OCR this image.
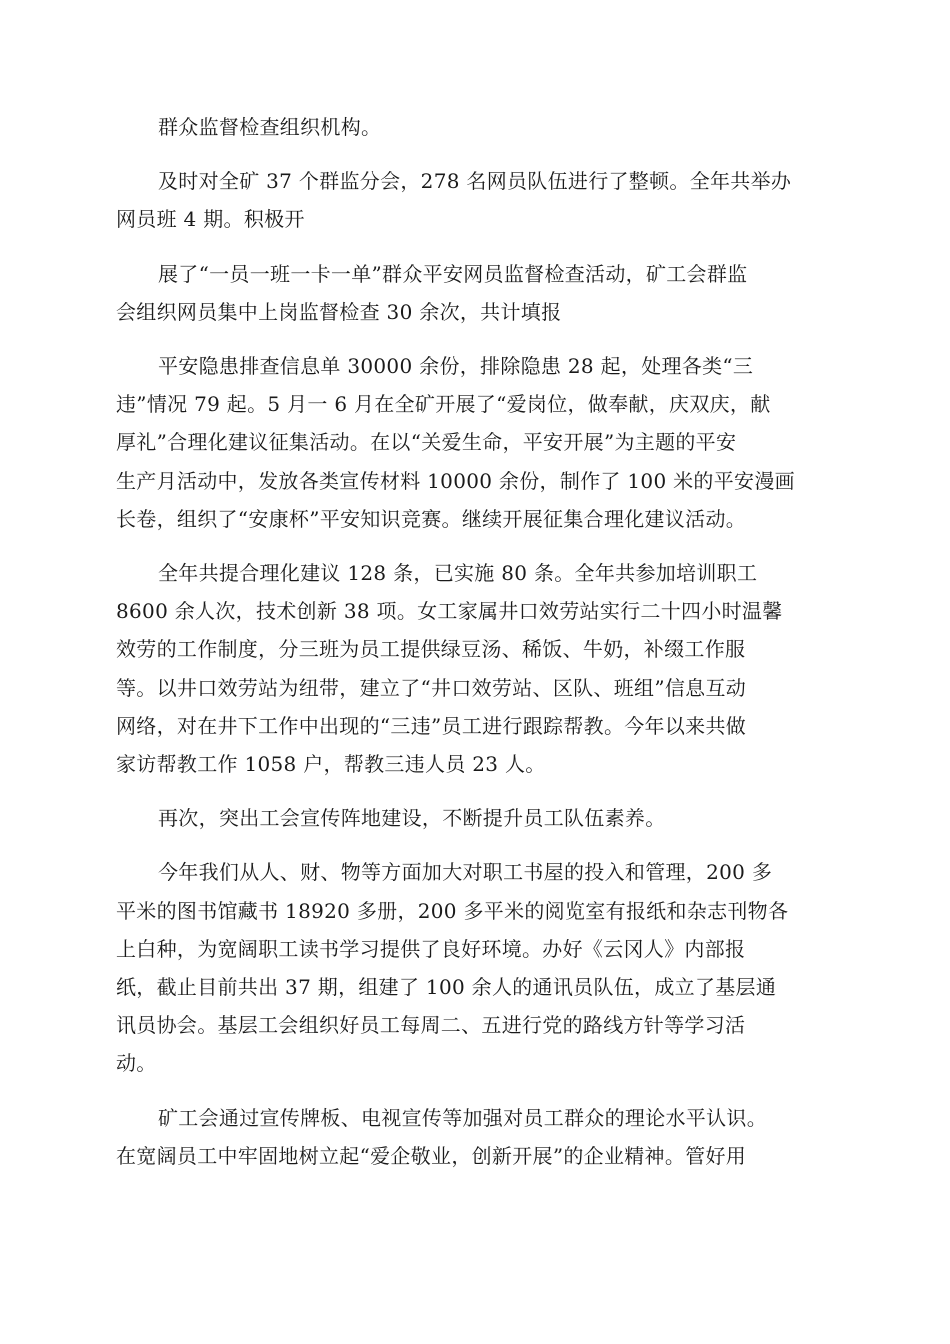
群众监督检查组织机构。

及时对全矿 37 个群监分会，278 名网员队伍进行了整顿。全年共举办
网员班 4 期。积极开

展了“一员一班一卡一单”群众平安网员监督检查活动，矿工会群监
会组织网员集中上岗监督检查 30 余次，共计填报

平安隐患排查信息单 30000 余份，排除隐患 28 起，处理各类“三
违”情况 79 起。5 月一 6 月在全矿开展了“爱岗位，做奉献，庆双庆，献
厚礼”合理化建议征集活动。在以“关爱生命，平安开展”为主题的平安
生产月活动中，发放各类宣传材料 10000 余份，制作了 100 米的平安漫画
长卷，组织了“安康杯”平安知识竞赛。继续开展征集合理化建议活动。

全年共提合理化建议 128 条，已实施 80 条。全年共参加培训职工
8600 余人次，技术创新 38 项。女工家属井口效劳站实行二十四小时温馨
效劳的工作制度，分三班为员工提供绿豆汤、稀饭、牛奶，补缀工作服
等。以井口效劳站为纽带，建立了“井口效劳站、区队、班组”信息互动
网络，对在井下工作中出现的“三违”员工进行跟踪帮教。今年以来共做
家访帮教工作 1058 户，帮教三违人员 23 人。

再次，突出工会宣传阵地建设，不断提升员工队伍素养。

今年我们从人、财、物等方面加大对职工书屋的投入和管理，200 多
平米的图书馆藏书 18920 多册，200 多平米的阅览室有报纸和杂志刊物各
上白种，为宽阔职工读书学习提供了良好环境。办好《云冈人》内部报
纸，截止目前共出 37 期，组建了 100 余人的通讯员队伍，成立了基层通
讯员协会。基层工会组织好员工每周二、五进行党的路线方针等学习活
动。

矿工会通过宣传牌板、电视宣传等加强对员工群众的理论水平认识。
在宽阔员工中牢固地树立起“爱企敬业，创新开展”的企业精神。管好用
